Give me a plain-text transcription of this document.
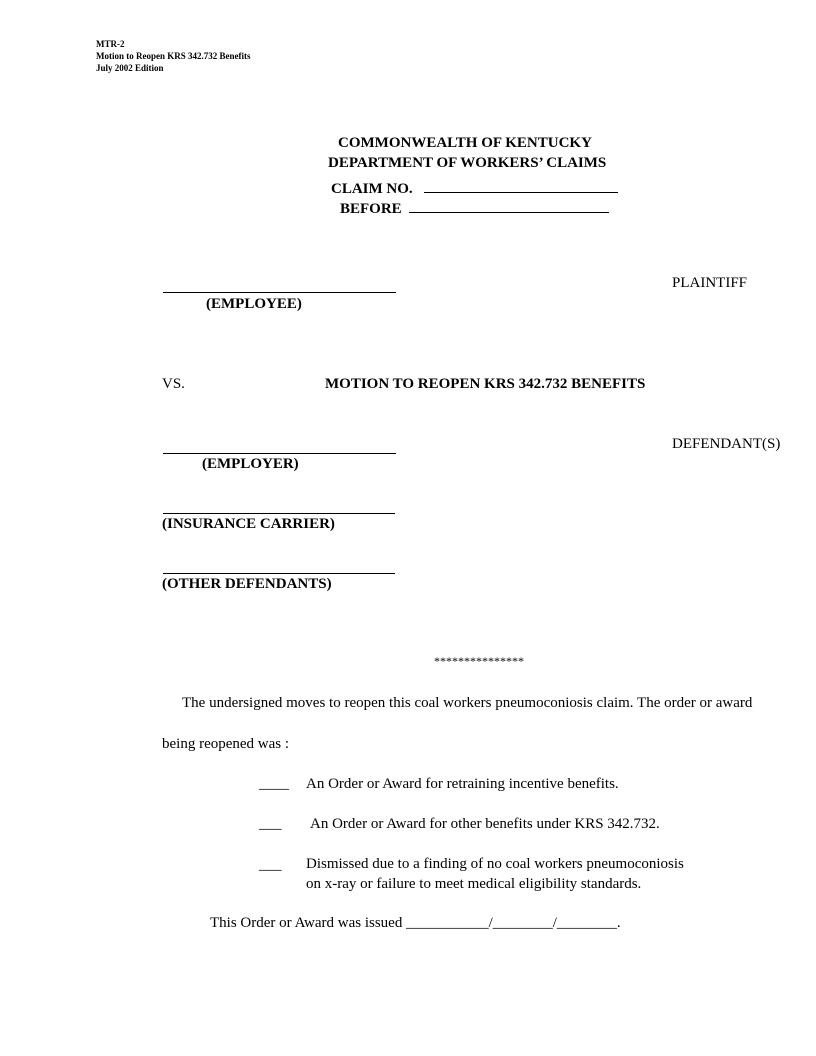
MTR-2
Motion to Reopen KRS 342.732 Benefits
July 2002 Edition
COMMONWEALTH OF KENTUCKY
DEPARTMENT OF WORKERS’ CLAIMS
CLAIM NO.
BEFORE
(EMPLOYEE)
PLAINTIFF
VS.	MOTION TO REOPEN KRS 342.732 BENEFITS
(EMPLOYER)
DEFENDANT(S)
(INSURANCE CARRIER)
(OTHER DEFENDANTS)
***************
The undersigned moves to reopen this coal workers pneumoconiosis claim. The order or award
being reopened was :
____ An Order or Award for retraining incentive benefits.
___ An Order or Award for other benefits under KRS 342.732.
___ Dismissed due to a finding of no coal workers pneumoconiosis
on x-ray or failure to meet medical eligibility standards.
This Order or Award was issued ___________/________/________.
